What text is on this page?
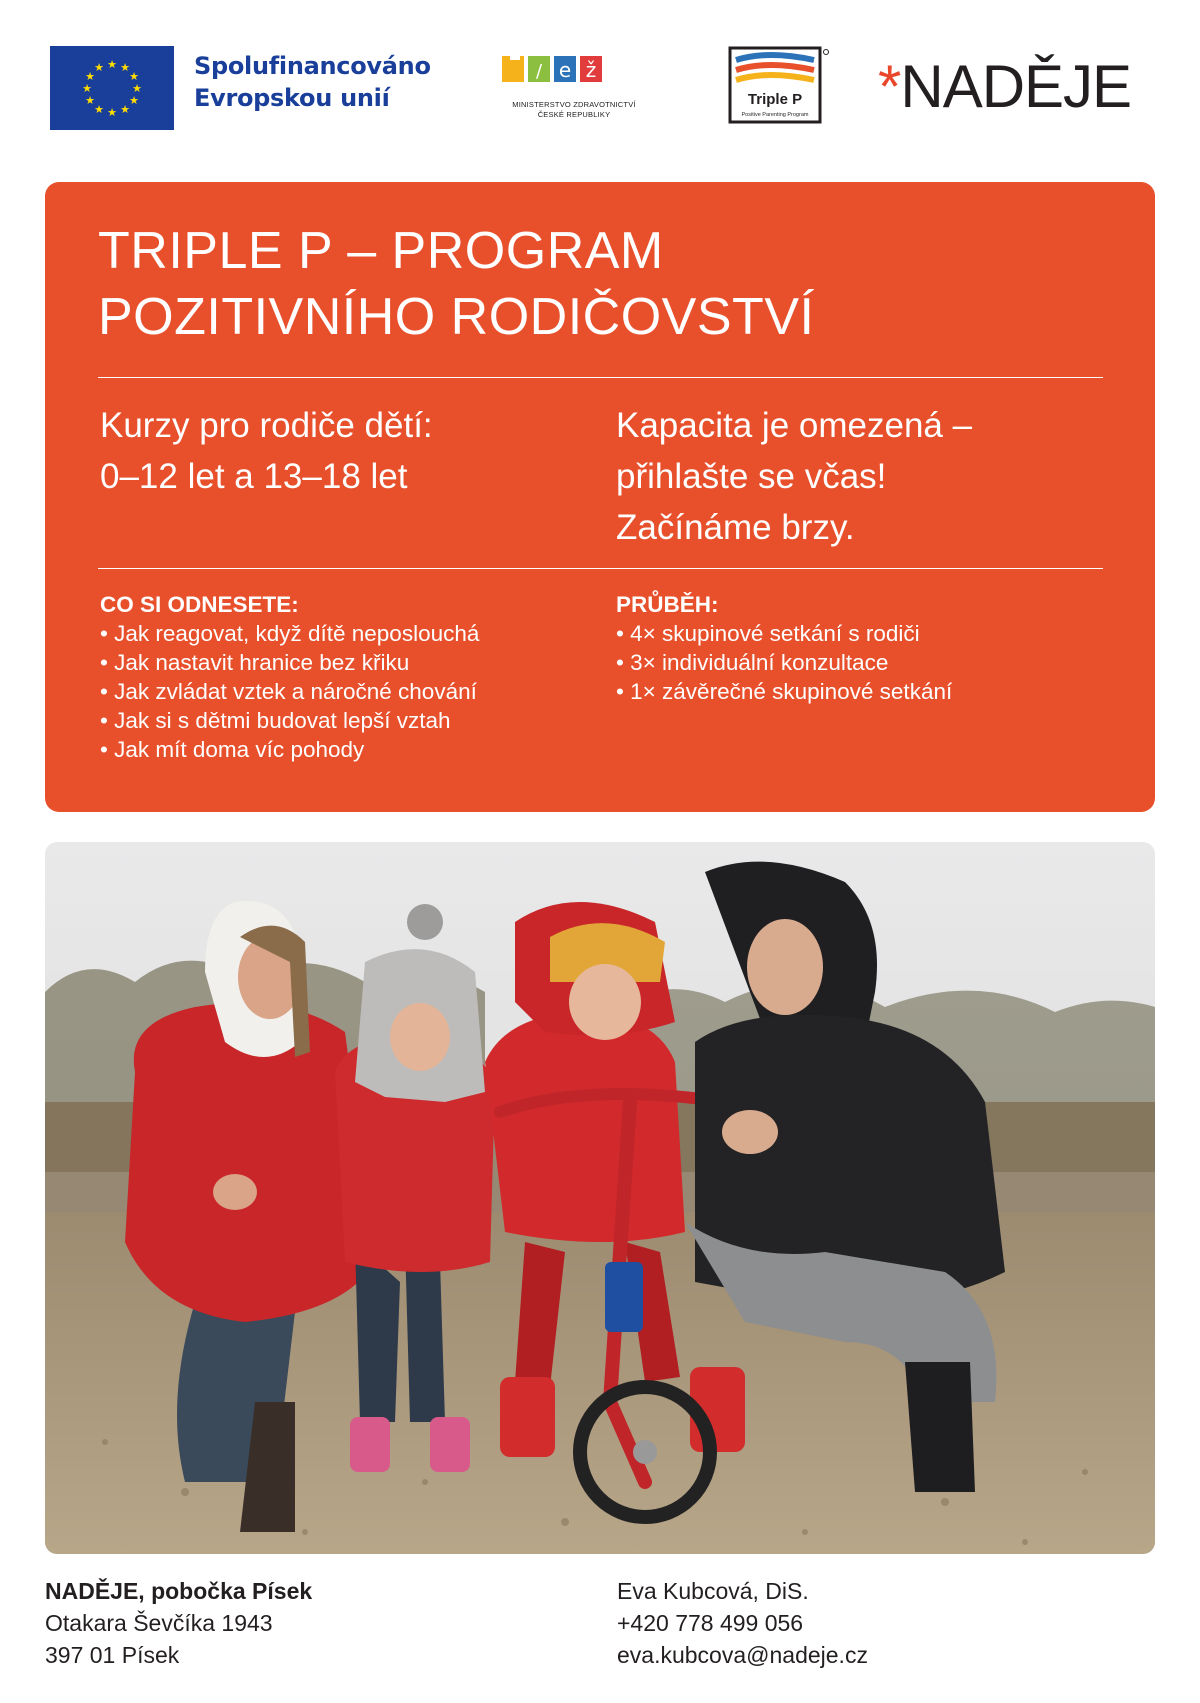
★ ★
★
★
★
★
★
★
★
★
★
★	Spolufinancováno
Evropskou unií
/ e ž
MINISTERSTVO ZDRAVOTNICTVÍ
ČESKÉ REPUBLIKY
Triple P
Positive Parenting Program *NADĚJE
TRIPLE P – PROGRAM
POZITIVNÍHO RODIČOVSTVÍ
Kurzy pro rodiče dětí:
0–12 let a 13–18 let
Kapacita je omezená –
přihlašte se včas!
Začínáme brzy.
CO SI ODNESETE:
• Jak reagovat, když dítě neposlouchá
• Jak nastavit hranice bez křiku
• Jak zvládat vztek a náročné chování
• Jak si s dětmi budovat lepší vztah
• Jak mít doma víc pohody
PRŮBĚH:
• 4× skupinové setkání s rodiči
• 3× individuální konzultace
• 1× závěrečné skupinové setkání
NADĚJE, pobočka Písek
Otakara Ševčíka 1943
397 01 Písek
Eva Kubcová, DiS.
+420 778 499 056
eva.kubcova@nadeje.cz
